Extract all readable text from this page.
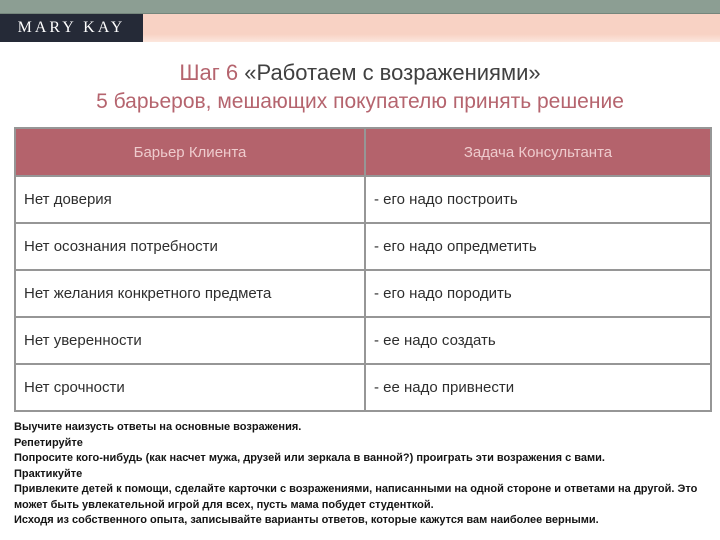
MARY KAY
Шаг 6 «Работаем с возражениями»
5 барьеров, мешающих покупателю принять решение
Барьер Клиента	Задача Консультанта
Нет доверия	- его надо построить
Нет осознания потребности	- его надо опредметить
Нет желания конкретного предмета	- его надо породить
Нет уверенности	- ее надо создать
Нет срочности	- ее надо привнести

Выучите наизусть ответы на основные возражения.

Репетируйте

Попросите кого-нибудь (как насчет мужа, друзей или зеркала в ванной?) проиграть эти возражения с вами.

Практикуйте

Привлеките детей к помощи, сделайте карточки с возражениями, написанными на одной стороне и ответами на другой. Это может быть увлекательной игрой для всех, пусть мама побудет студенткой.

Исходя из собственного опыта, записывайте варианты ответов, которые кажутся вам наиболее верными.
